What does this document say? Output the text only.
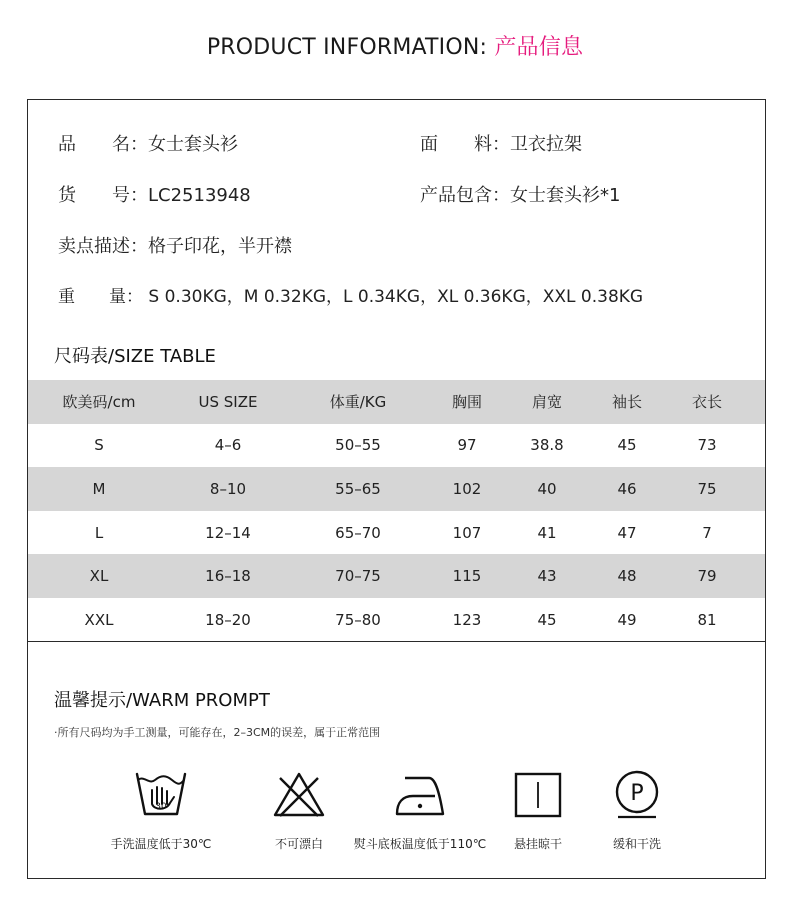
PRODUCT INFORMATION: 产品信息
品　　名：女士套头衫	面　　料：卫衣拉架
货　　号：LC2513948	产品包含：女士套头衫*1
卖点描述：格子印花，半开襟
重　　量： S 0.30KG，M 0.32KG，L 0.34KG，XL 0.36KG，XXL 0.38KG
尺码表/SIZE TABLE
欧美码/cm	US SIZE	体重/KG	胸围	肩宽	袖长	衣长
S	4–6	50–55	97	38.8	45	73
M	8–10	55–65	102	40	46	75
L	12–14	65–70	107	41	47	7
XL	16–18	70–75	115	43	48	79
XXL	18–20	75–80	123	45	49	81
温馨提示/WARM PROMPT
·所有尺码均为手工测量，可能存在，2–3CM的误差，属于正常范围
30
手洗温度低于30℃	不可漂白	熨斗底板温度低于110℃ 悬挂晾干
P
缓和干洗
